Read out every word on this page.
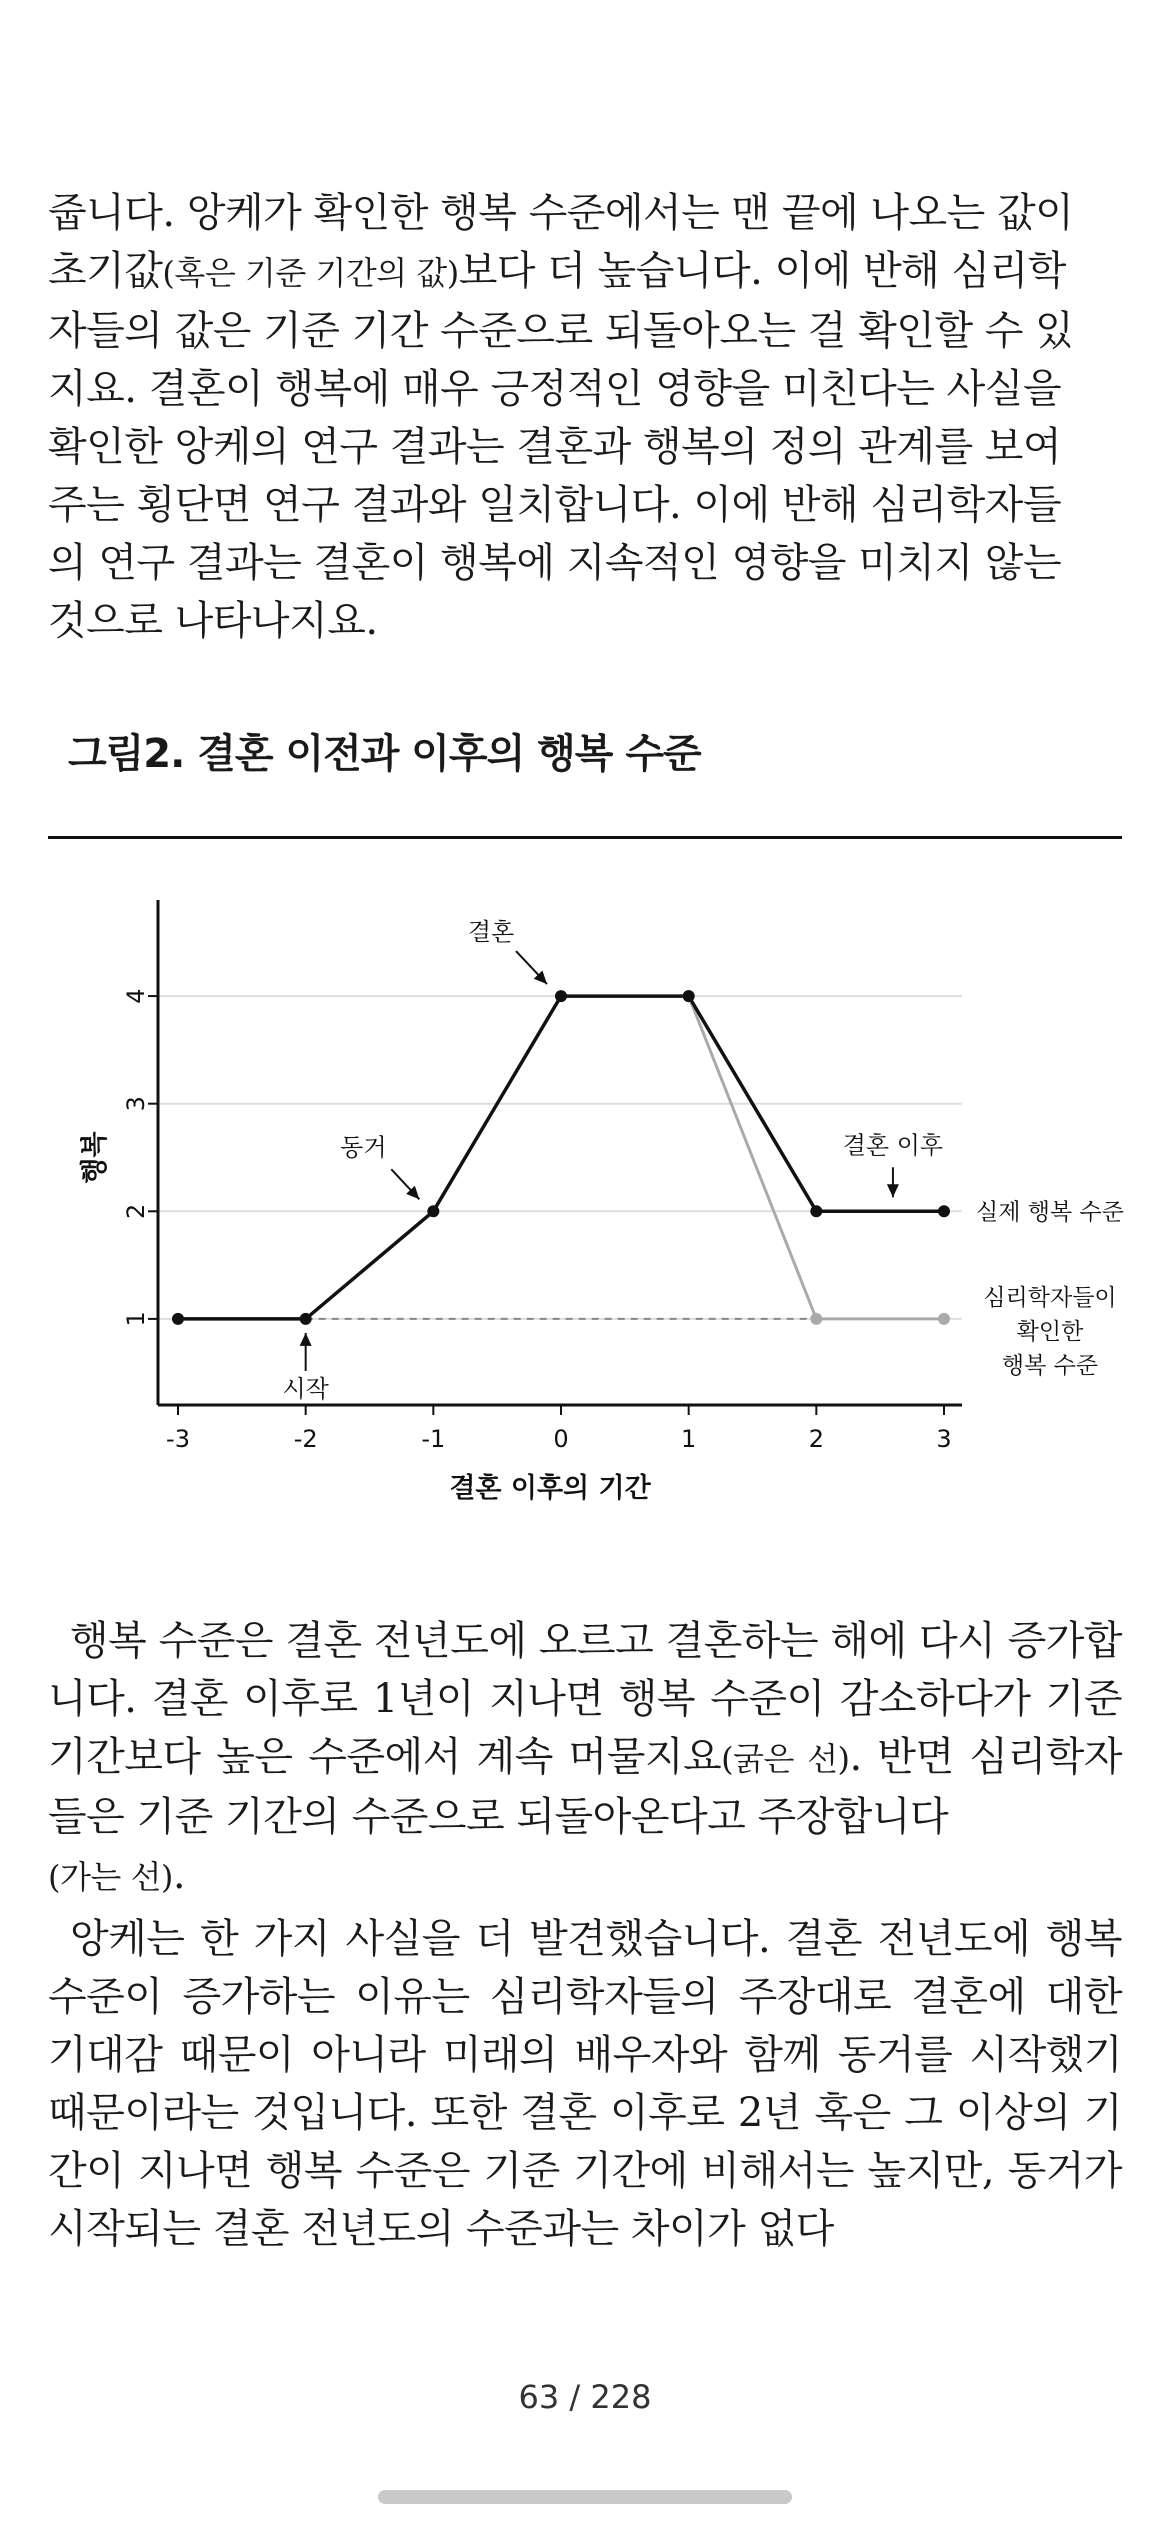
줍니다. 앙케가 확인한 행복 수준에서는 맨 끝에 나오는 값이
초기값(혹은 기준 기간의 값)보다 더 높습니다. 이에 반해 심리학
자들의 값은 기준 기간 수준으로 되돌아오는 걸 확인할 수 있
지요. 결혼이 행복에 매우 긍정적인 영향을 미친다는 사실을
확인한 앙케의 연구 결과는 결혼과 행복의 정의 관계를 보여
주는 횡단면 연구 결과와 일치합니다. 이에 반해 심리학자들
의 연구 결과는 결혼이 행복에 지속적인 영향을 미치지 않는
것으로 나타나지요.
그림2. 결혼 이전과 이후의 행복 수준
-3	-2	-1	0	1	2	3
1
2
3
4
결혼 이후의 기간
행복
결혼
동거
시작
결혼 이후
실제 행복 수준
심리학자들이
확인한
행복 수준
행복 수준은 결혼 전년도에 오르고 결혼하는 해에 다시 증가합니다. 결혼 이후로 1년이 지나면 행복 수준이 감소하다가 기준 기간보다 높은 수준에서 계속 머물지요(굵은 선). 반면 심리학자들은 기준 기간의 수준으로 되돌아온다고 주장합니다
(가는 선).
앙케는 한 가지 사실을 더 발견했습니다. 결혼 전년도에 행복 수준이 증가하는 이유는 심리학자들의 주장대로 결혼에 대한 기대감 때문이 아니라 미래의 배우자와 함께 동거를 시작했기 때문이라는 것입니다. 또한 결혼 이후로 2년 혹은 그 이상의 기간이 지나면 행복 수준은 기준 기간에 비해서는 높지만, 동거가 시작되는 결혼 전년도의 수준과는 차이가 없다
63 / 228
